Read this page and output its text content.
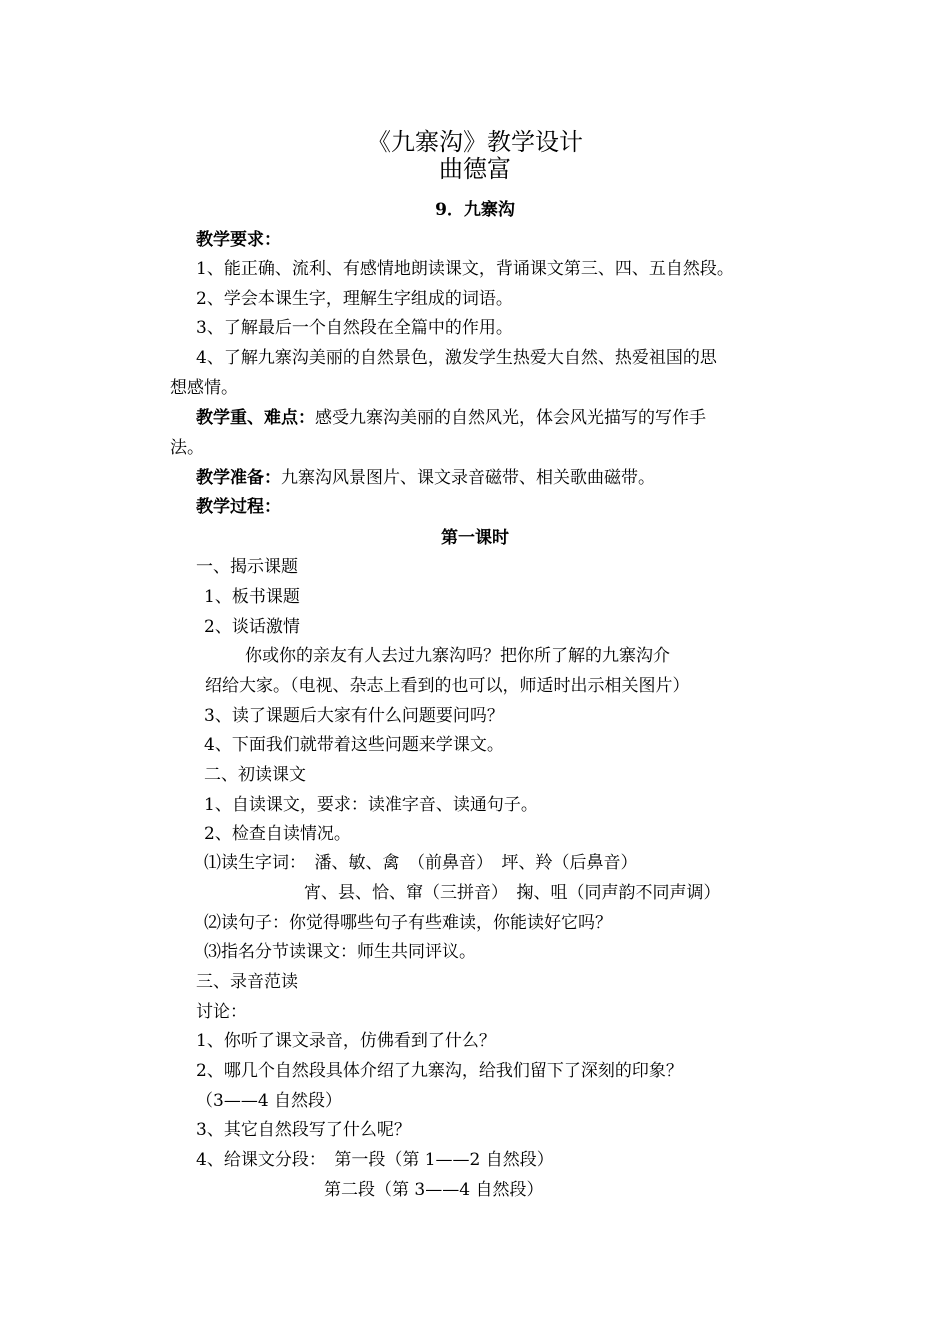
《九寨沟》教学设计
曲德富
9．九寨沟
教学要求：
1、能正确、流利、有感情地朗读课文，背诵课文第三、四、五自然段。
2、学会本课生字，理解生字组成的词语。
3、了解最后一个自然段在全篇中的作用。
4、了解九寨沟美丽的自然景色，激发学生热爱大自然、热爱祖国的思
想感情。
教学重、难点：感受九寨沟美丽的自然风光，体会风光描写的写作手
法。
教学准备：九寨沟风景图片、课文录音磁带、相关歌曲磁带。
教学过程：
第一课时
一、揭示课题
1、板书课题
2、谈话激情
你或你的亲友有人去过九寨沟吗？把你所了解的九寨沟介
绍给大家。（电视、杂志上看到的也可以，师适时出示相关图片）
3、读了课题后大家有什么问题要问吗？
4、下面我们就带着这些问题来学课文。
二、初读课文
1、自读课文，要求：读准字音、读通句子。
2、检查自读情况。
⑴读生字词：　潘、敏、禽　（前鼻音）　坪、羚（后鼻音）
宵、县、恰、窜（三拼音）　掬、咀（同声韵不同声调）
⑵读句子：你觉得哪些句子有些难读，你能读好它吗？
⑶指名分节读课文：师生共同评议。
三、录音范读
讨论：
1、你听了课文录音，仿佛看到了什么？
2、哪几个自然段具体介绍了九寨沟，给我们留下了深刻的印象？
（3——4 自然段）
3、其它自然段写了什么呢？
4、给课文分段：　第一段（第 1——2 自然段）
第二段（第 3——4 自然段）
